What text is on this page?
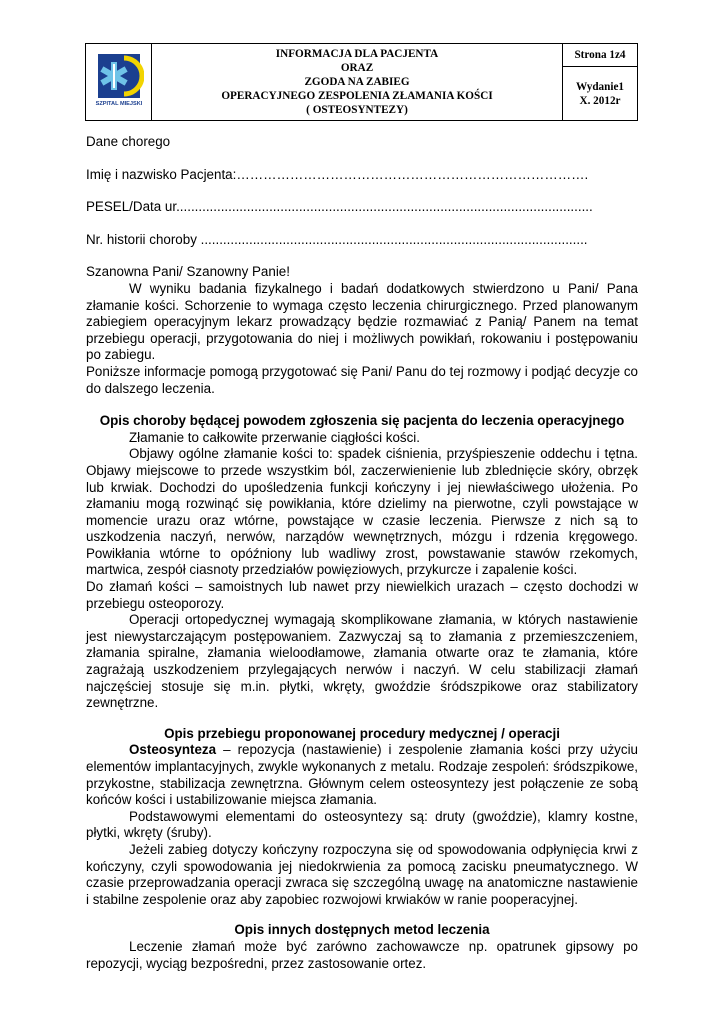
SZPITAL MIEJSKI
INFORMACJA DLA PACJENTA
ORAZ
ZGODA NA ZABIEG
OPERACYJNEGO ZESPOLENIA ZŁAMANIA KOŚCI
( OSTEOSYNTEZY)
Strona 1z4
Wydanie1
X. 2012r
Dane chorego
Imię i nazwisko Pacjenta:…………………………………………………………………….
PESEL/Data ur................................................................................................................
Nr. historii choroby ........................................................................................................

Szanowna Pani/ Szanowny Panie!

W wyniku badania fizykalnego i badań dodatkowych stwierdzono u Pani/ Pana złamanie kości. Schorzenie to wymaga często leczenia chirurgicznego. Przed planowanym zabiegiem operacyjnym lekarz prowadzący będzie rozmawiać z Panią/ Panem na temat przebiegu operacji, przygotowania do niej i możliwych powikłań, rokowaniu i postępowaniu po zabiegu.

Poniższe informacje pomogą przygotować się Pani/ Panu do tej rozmowy i podjąć decyzje co do dalszego leczenia.

Opis choroby będącej powodem zgłoszenia się pacjenta do leczenia operacyjnego

Złamanie to całkowite przerwanie ciągłości kości.

Objawy ogólne złamanie kości to: spadek ciśnienia, przyśpieszenie oddechu i tętna. Objawy miejscowe to przede wszystkim ból, zaczerwienienie lub zblednięcie skóry, obrzęk lub krwiak. Dochodzi do upośledzenia funkcji kończyny i jej niewłaściwego ułożenia. Po złamaniu mogą rozwinąć się powikłania, które dzielimy na pierwotne, czyli powstające w momencie urazu oraz wtórne, powstające w czasie leczenia. Pierwsze z nich są to uszkodzenia naczyń, nerwów, narządów wewnętrznych, mózgu i rdzenia kręgowego. Powikłania wtórne to opóźniony lub wadliwy zrost, powstawanie stawów rzekomych, martwica, zespół ciasnoty przedziałów powięziowych, przykurcze i zapalenie kości.

Do złamań kości – samoistnych lub nawet przy niewielkich urazach – często dochodzi w przebiegu osteoporozy.

Operacji ortopedycznej wymagają skomplikowane złamania, w których nastawienie jest niewystarczającym postępowaniem. Zazwyczaj są to złamania z przemieszczeniem, złamania spiralne, złamania wieloodłamowe, złamania otwarte oraz te złamania, które zagrażają uszkodzeniem przylegających nerwów i naczyń. W celu stabilizacji złamań najczęściej stosuje się m.in. płytki, wkręty, gwoździe śródszpikowe oraz stabilizatory zewnętrzne.

Opis przebiegu proponowanej procedury medycznej / operacji

Osteosynteza – repozycja (nastawienie) i zespolenie złamania kości przy użyciu elementów implantacyjnych, zwykle wykonanych z metalu. Rodzaje zespoleń: śródszpikowe, przykostne, stabilizacja zewnętrzna. Głównym celem osteosyntezy jest połączenie ze sobą końców kości i ustabilizowanie miejsca złamania.

Podstawowymi elementami do osteosyntezy są: druty (gwoździe), klamry kostne, płytki, wkręty (śruby).

Jeżeli zabieg dotyczy kończyny rozpoczyna się od spowodowania odpłynięcia krwi z kończyny, czyli spowodowania jej niedokrwienia za pomocą zacisku pneumatycznego. W czasie przeprowadzania operacji zwraca się szczególną uwagę na anatomiczne nastawienie i stabilne zespolenie oraz aby zapobiec rozwojowi krwiaków w ranie pooperacyjnej.

Opis innych dostępnych metod leczenia

Leczenie złamań może być zarówno zachowawcze np. opatrunek gipsowy po repozycji, wyciąg bezpośredni, przez zastosowanie ortez.
